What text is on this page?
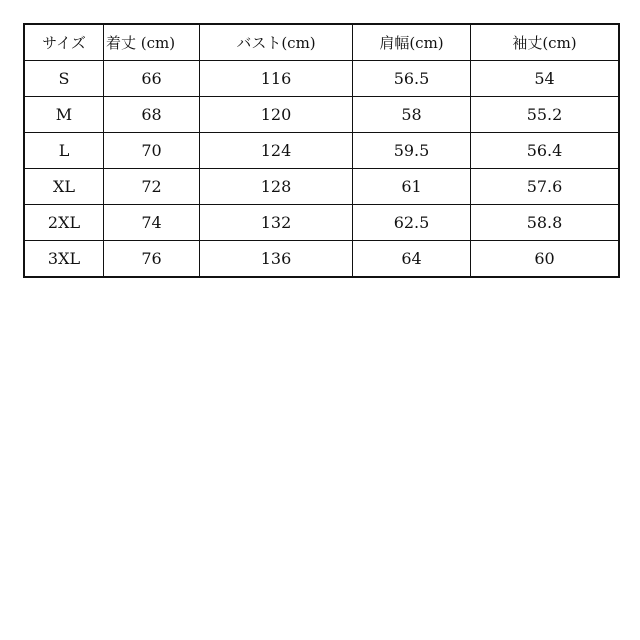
サイズ	着丈 (cm)	バスト(cm)	肩幅(cm)	袖丈(cm)
S	66	116	56.5	54
M	68	120	58	55.2
L	70	124	59.5	56.4
XL	72	128	61	57.6
2XL	74	132	62.5	58.8
3XL	76	136	64	60
